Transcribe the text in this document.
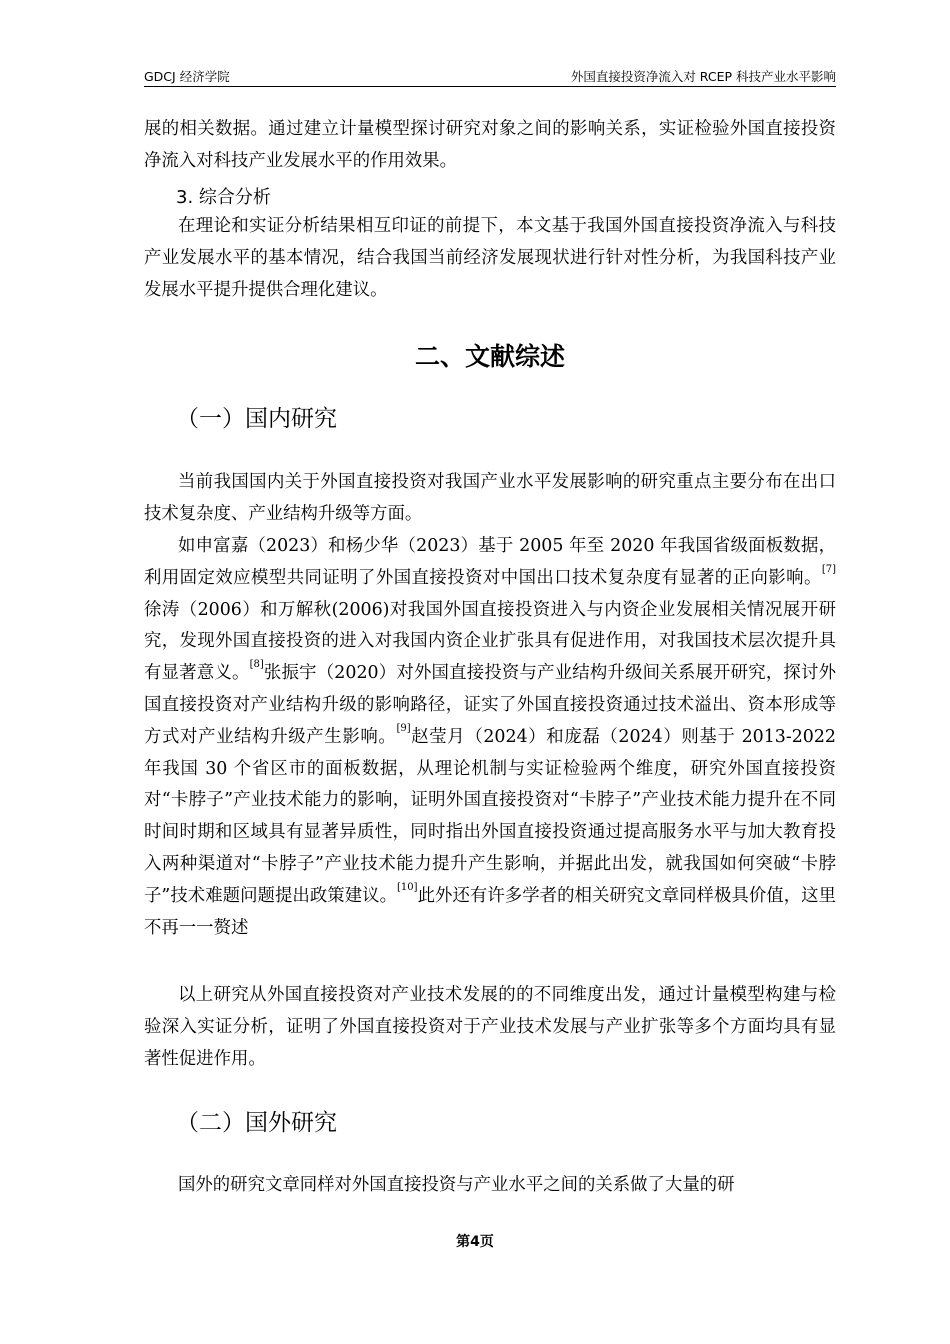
GDCJ 经济学院	外国直接投资净流入对 RCEP 科技产业水平影响

展的相关数据。通过建立计量模型探讨研究对象之间的影响关系，实证检验外国直接投资净流入对科技产业发展水平的作用效果。

3. 综合分析

在理论和实证分析结果相互印证的前提下，本文基于我国外国直接投资净流入与科技产业发展水平的基本情况，结合我国当前经济发展现状进行针对性分析，为我国科技产业发展水平提升提供合理化建议。

二、文献综述
（一）国内研究

当前我国国内关于外国直接投资对我国产业水平发展影响的研究重点主要分布在出口技术复杂度、产业结构升级等方面。

如申富嘉（2023）和杨少华（2023）基于 2005 年至 2020 年我国省级面板数据，利用固定效应模型共同证明了外国直接投资对中国出口技术复杂度有显著的正向影响。[7]徐涛（2006）和万解秋(2006)对我国外国直接投资进入与内资企业发展相关情况展开研究，发现外国直接投资的进入对我国内资企业扩张具有促进作用，对我国技术层次提升具有显著意义。[8]张振宇（2020）对外国直接投资与产业结构升级间关系展开研究，探讨外国直接投资对产业结构升级的影响路径，证实了外国直接投资通过技术溢出、资本形成等方式对产业结构升级产生影响。[9]赵莹月（2024）和庞磊（2024）则基于 2013-2022 年我国 30 个省区市的面板数据，从理论机制与实证检验两个维度，研究外国直接投资对“卡脖子”产业技术能力的影响，证明外国直接投资对“卡脖子”产业技术能力提升在不同时间时期和区域具有显著异质性，同时指出外国直接投资通过提高服务水平与加大教育投入两种渠道对“卡脖子”产业技术能力提升产生影响，并据此出发，就我国如何突破“卡脖子”技术难题问题提出政策建议。[10]此外还有许多学者的相关研究文章同样极具价值，这里不再一一赘述

以上研究从外国直接投资对产业技术发展的的不同维度出发，通过计量模型构建与检验深入实证分析，证明了外国直接投资对于产业技术发展与产业扩张等多个方面均具有显著性促进作用。

（二）国外研究

国外的研究文章同样对外国直接投资与产业水平之间的关系做了大量的研

第4页
